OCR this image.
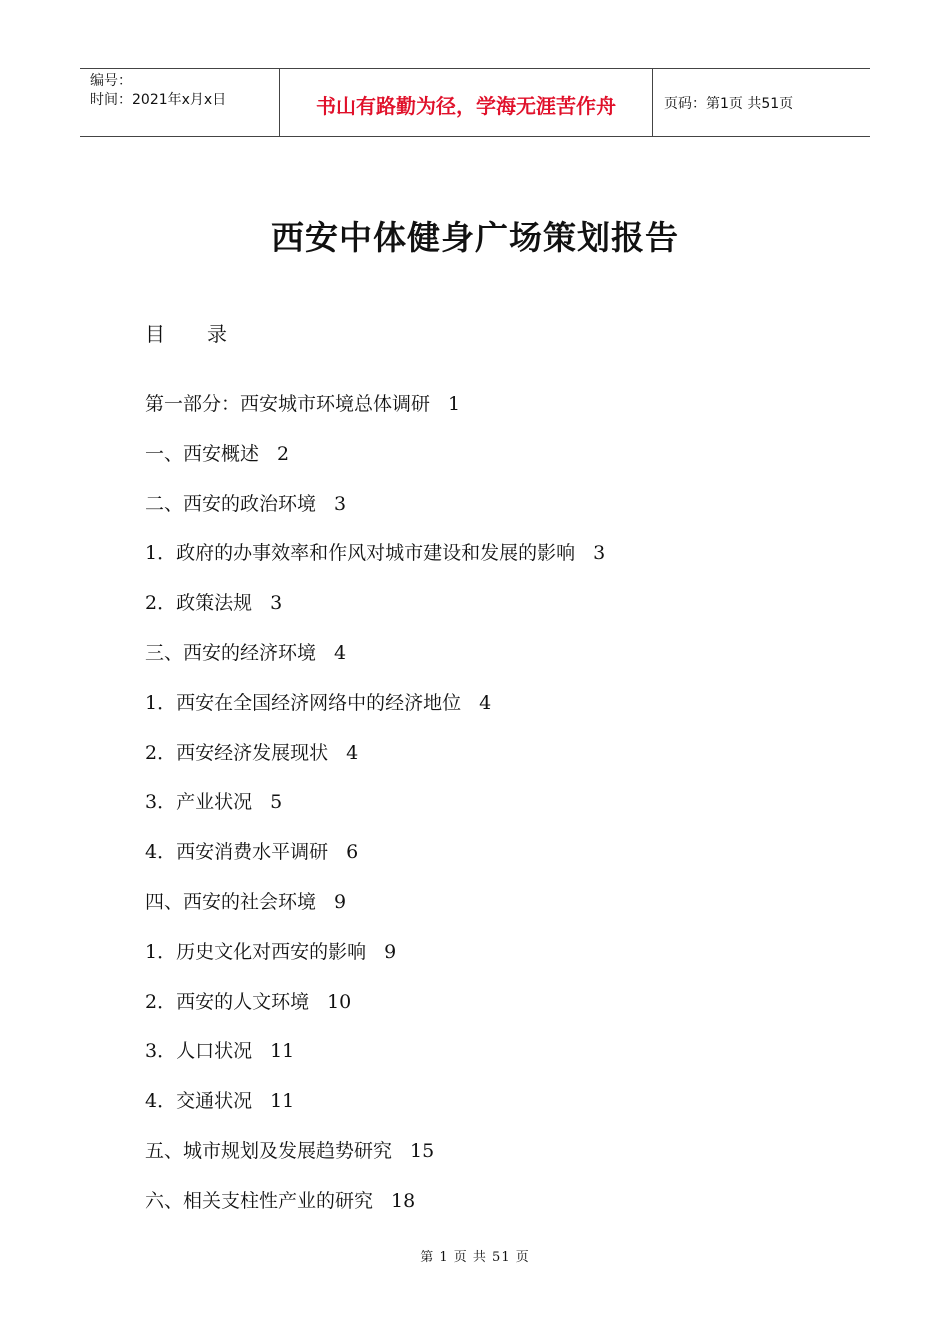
编号：
时间：2021年x月x日	书山有路勤为径，学海无涯苦作舟	页码：第1页 共51页
西安中体健身广场策划报告
目 录
第一部分：西安城市环境总体调研 1
一、西安概述 2
二、西安的政治环境 3
1．政府的办事效率和作风对城市建设和发展的影响 3
2．政策法规 3
三、西安的经济环境 4
1．西安在全国经济网络中的经济地位 4
2．西安经济发展现状 4
3．产业状况 5
4．西安消费水平调研 6
四、西安的社会环境 9
1．历史文化对西安的影响 9
2．西安的人文环境 10
3．人口状况 11
4．交通状况 11
五、城市规划及发展趋势研究 15
六、相关支柱性产业的研究 18
第 1 页 共 51 页
